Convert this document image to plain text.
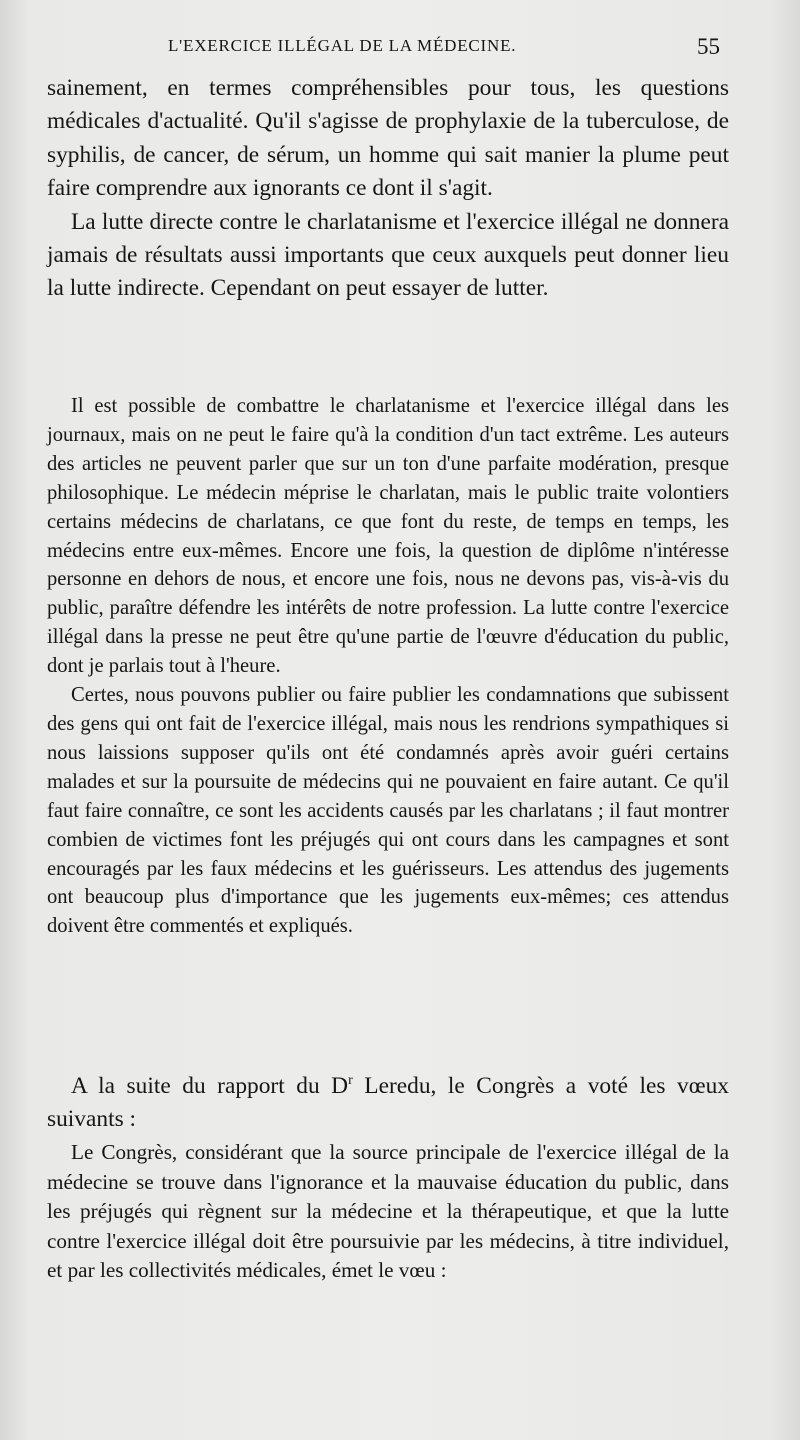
L'EXERCICE ILLÉGAL DE LA MÉDECINE.	55

sainement, en termes compréhensibles pour tous, les questions médicales d'actualité. Qu'il s'agisse de prophylaxie de la tuberculose, de syphilis, de cancer, de sérum, un homme qui sait manier la plume peut faire comprendre aux ignorants ce dont il s'agit.

La lutte directe contre le charlatanisme et l'exercice illégal ne donnera jamais de résultats aussi importants que ceux auxquels peut donner lieu la lutte indirecte. Cependant on peut essayer de lutter.

Il est possible de combattre le charlatanisme et l'exercice illégal dans les journaux, mais on ne peut le faire qu'à la condition d'un tact extrême. Les auteurs des articles ne peuvent parler que sur un ton d'une parfaite modération, presque philosophique. Le médecin méprise le charlatan, mais le public traite volontiers certains médecins de charlatans, ce que font du reste, de temps en temps, les médecins entre eux-mêmes. Encore une fois, la question de diplôme n'intéresse personne en dehors de nous, et encore une fois, nous ne devons pas, vis-à-vis du public, paraître défendre les intérêts de notre profession. La lutte contre l'exercice illégal dans la presse ne peut être qu'une partie de l'œuvre d'éducation du public, dont je parlais tout à l'heure.

Certes, nous pouvons publier ou faire publier les condamnations que subissent des gens qui ont fait de l'exercice illégal, mais nous les rendrions sympathiques si nous laissions supposer qu'ils ont été condamnés après avoir guéri certains malades et sur la poursuite de médecins qui ne pouvaient en faire autant. Ce qu'il faut faire connaître, ce sont les accidents causés par les charlatans ; il faut montrer combien de victimes font les préjugés qui ont cours dans les campagnes et sont encouragés par les faux médecins et les guérisseurs. Les attendus des jugements ont beaucoup plus d'importance que les jugements eux-mêmes; ces attendus doivent être commentés et expliqués.

A la suite du rapport du $D^r$ Leredu, le Congrès a voté les vœux suivants :

Le Congrès, considérant que la source principale de l'exercice illégal de la médecine se trouve dans l'ignorance et la mauvaise éducation du public, dans les préjugés qui règnent sur la médecine et la thérapeutique, et que la lutte contre l'exercice illégal doit être poursuivie par les médecins, à titre individuel, et par les collectivités médicales, émet le vœu :
